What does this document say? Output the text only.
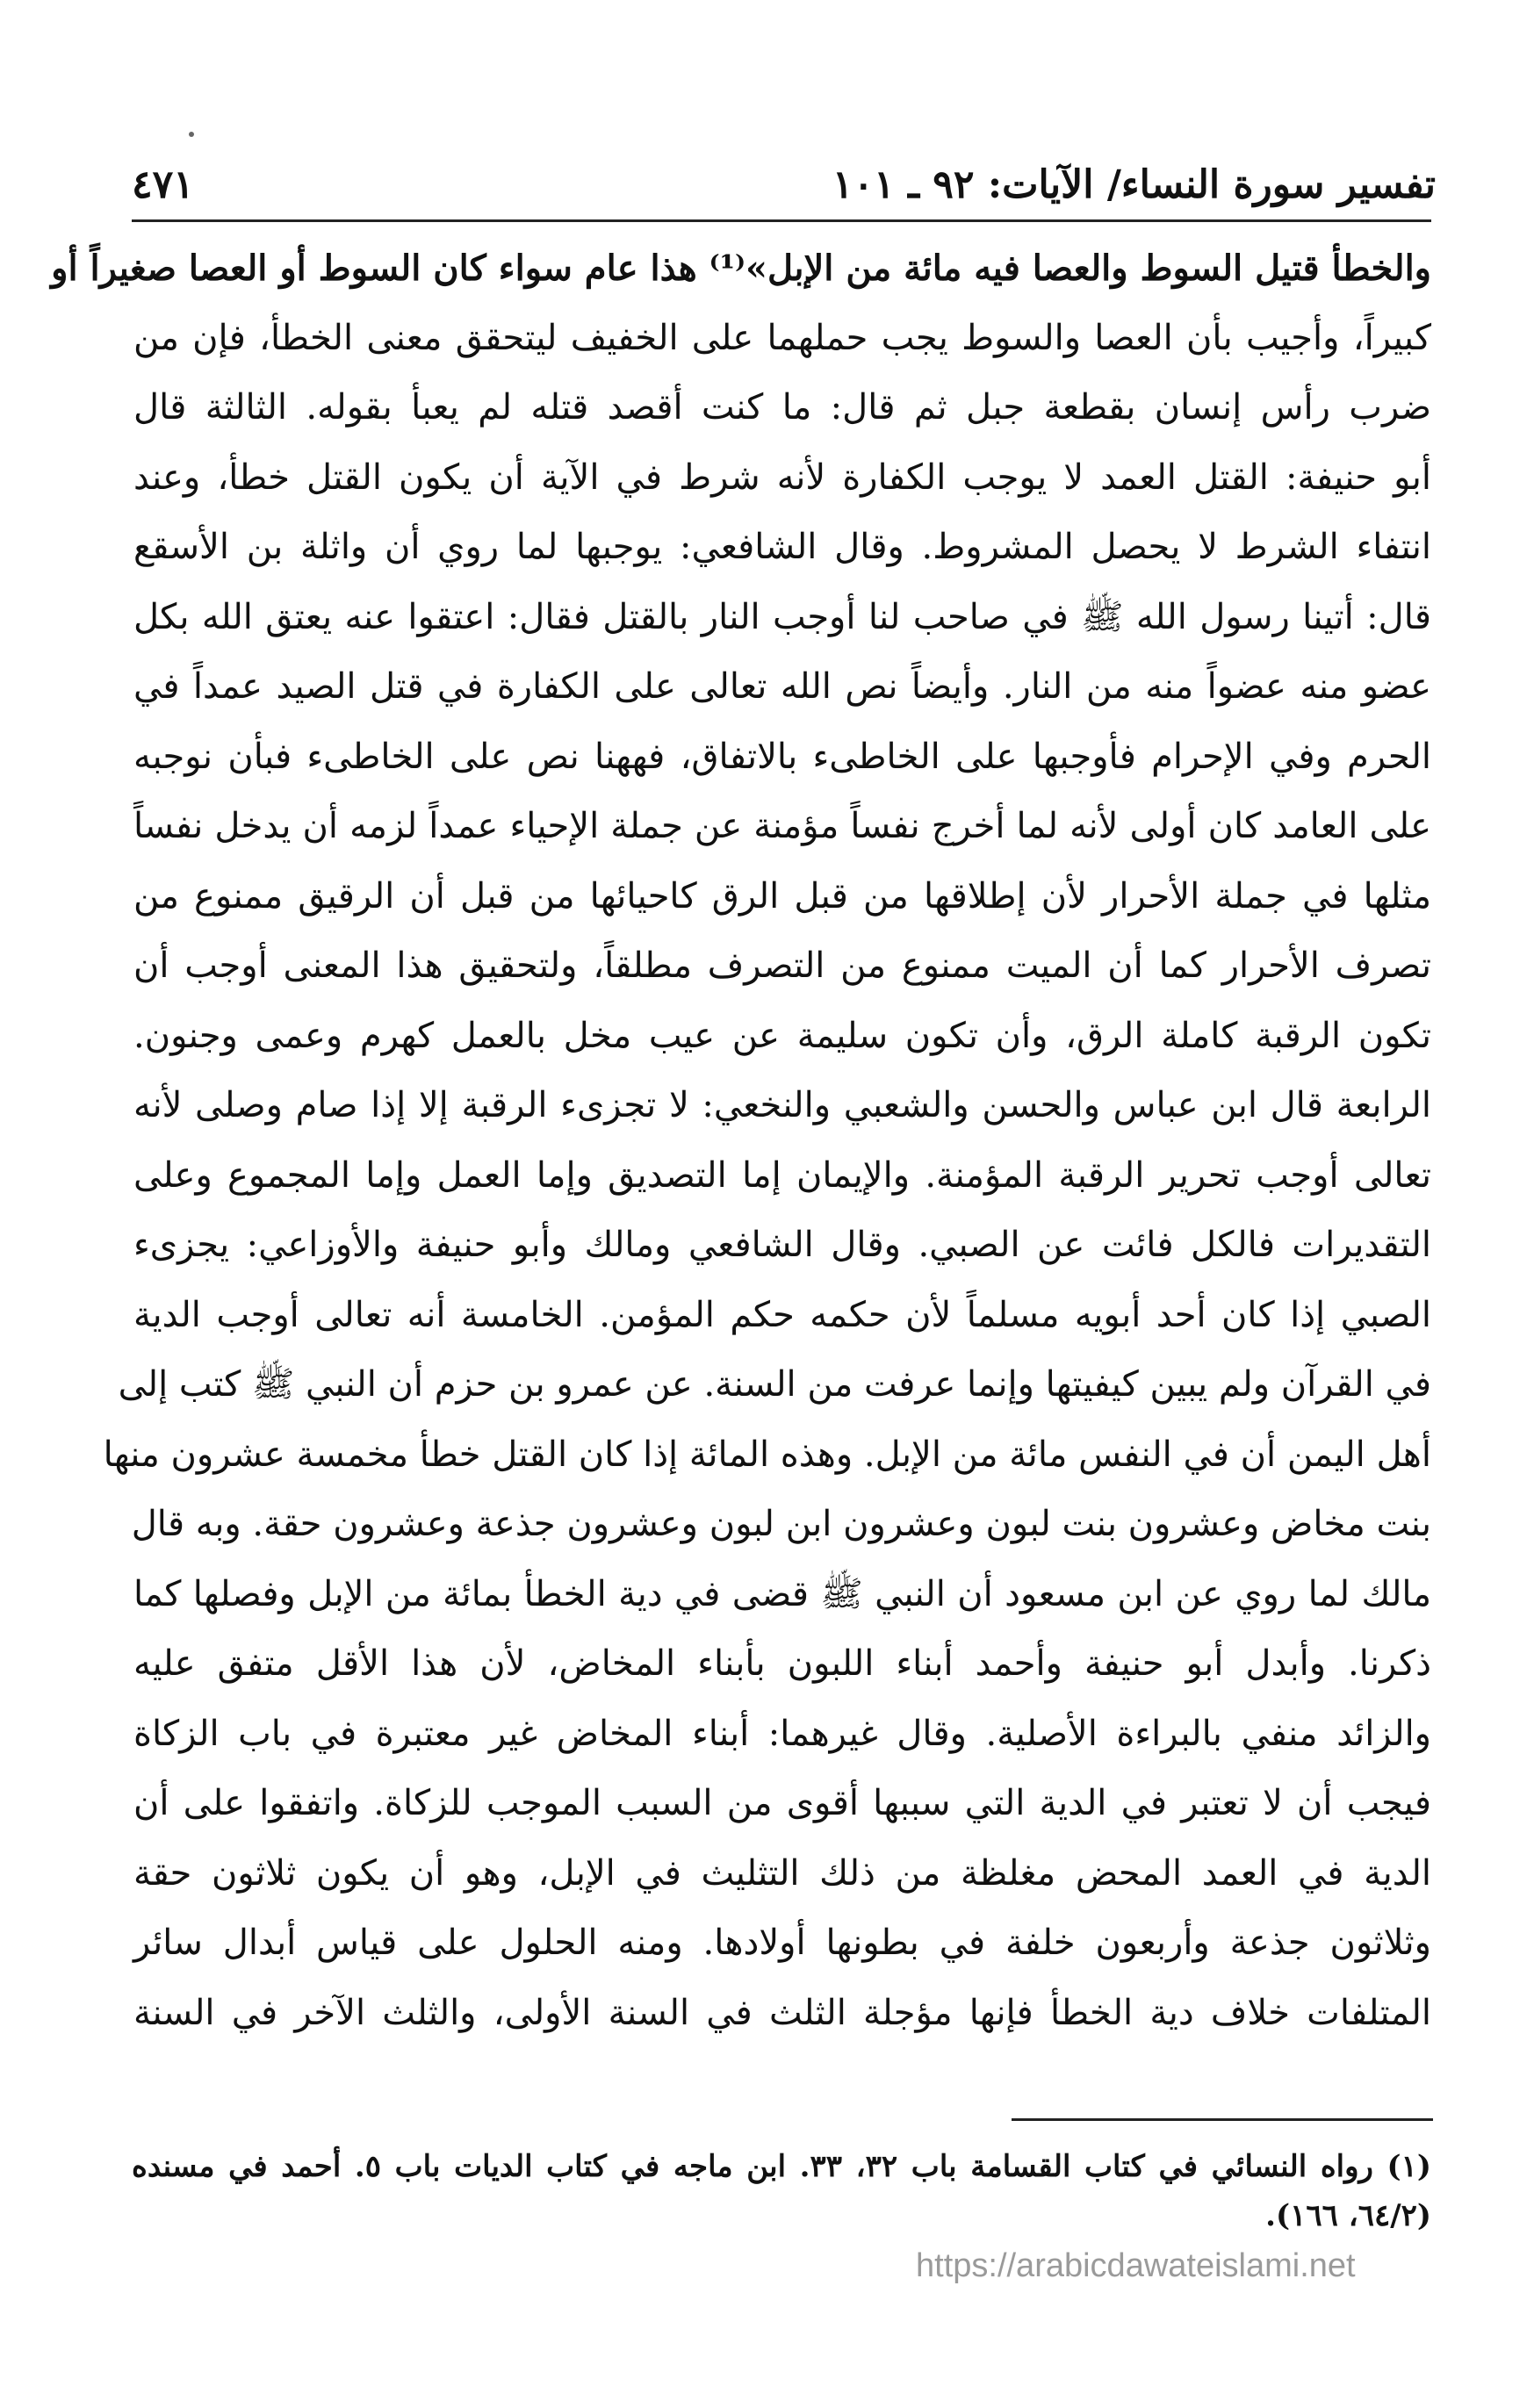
تفسير سورة النساء/ الآيات: ٩٢ ـ ١٠١
٤٧١
والخطأ قتيل السوط والعصا فيه مائة من الإبل»⁽¹⁾ هذا عام سواء كان السوط أو العصا صغيراً أو
كبيراً، وأجيب بأن العصا والسوط يجب حملهما على الخفيف ليتحقق معنى الخطأ، فإن من
ضرب رأس إنسان بقطعة جبل ثم قال: ما كنت أقصد قتله لم يعبأ بقوله. الثالثة قال
أبو حنيفة: القتل العمد لا يوجب الكفارة لأنه شرط في الآية أن يكون القتل خطأ، وعند
انتفاء الشرط لا يحصل المشروط. وقال الشافعي: يوجبها لما روي أن واثلة بن الأسقع
قال: أتينا رسول الله ﷺ في صاحب لنا أوجب النار بالقتل فقال: اعتقوا عنه يعتق الله بكل
عضو منه عضواً منه من النار. وأيضاً نص الله تعالى على الكفارة في قتل الصيد عمداً في
الحرم وفي الإحرام فأوجبها على الخاطىء بالاتفاق، فههنا نص على الخاطىء فبأن نوجبه
على العامد كان أولى لأنه لما أخرج نفساً مؤمنة عن جملة الإحياء عمداً لزمه أن يدخل نفساً
مثلها في جملة الأحرار لأن إطلاقها من قبل الرق كاحيائها من قبل أن الرقيق ممنوع من
تصرف الأحرار كما أن الميت ممنوع من التصرف مطلقاً، ولتحقيق هذا المعنى أوجب أن
تكون الرقبة كاملة الرق، وأن تكون سليمة عن عيب مخل بالعمل كهرم وعمى وجنون.
الرابعة قال ابن عباس والحسن والشعبي والنخعي: لا تجزىء الرقبة إلا إذا صام وصلى لأنه
تعالى أوجب تحرير الرقبة المؤمنة. والإيمان إما التصديق وإما العمل وإما المجموع وعلى
التقديرات فالكل فائت عن الصبي. وقال الشافعي ومالك وأبو حنيفة والأوزاعي: يجزىء
الصبي إذا كان أحد أبويه مسلماً لأن حكمه حكم المؤمن. الخامسة أنه تعالى أوجب الدية
في القرآن ولم يبين كيفيتها وإنما عرفت من السنة. عن عمرو بن حزم أن النبي ﷺ كتب إلى
أهل اليمن أن في النفس مائة من الإبل. وهذه المائة إذا كان القتل خطأ مخمسة عشرون منها
بنت مخاض وعشرون بنت لبون وعشرون ابن لبون وعشرون جذعة وعشرون حقة. وبه قال
مالك لما روي عن ابن مسعود أن النبي ﷺ قضى في دية الخطأ بمائة من الإبل وفصلها كما
ذكرنا. وأبدل أبو حنيفة وأحمد أبناء اللبون بأبناء المخاض، لأن هذا الأقل متفق عليه
والزائد منفي بالبراءة الأصلية. وقال غيرهما: أبناء المخاض غير معتبرة في باب الزكاة
فيجب أن لا تعتبر في الدية التي سببها أقوى من السبب الموجب للزكاة. واتفقوا على أن
الدية في العمد المحض مغلظة من ذلك التثليث في الإبل، وهو أن يكون ثلاثون حقة
وثلاثون جذعة وأربعون خلفة في بطونها أولادها. ومنه الحلول على قياس أبدال سائر
المتلفات خلاف دية الخطأ فإنها مؤجلة الثلث في السنة الأولى، والثلث الآخر في السنة
(١) رواه النسائي في كتاب القسامة باب ٣٢، ٣٣. ابن ماجه في كتاب الديات باب ٥. أحمد في مسنده
(٦٤/٢، ١٦٦).
https://arabicdawateislami.net
